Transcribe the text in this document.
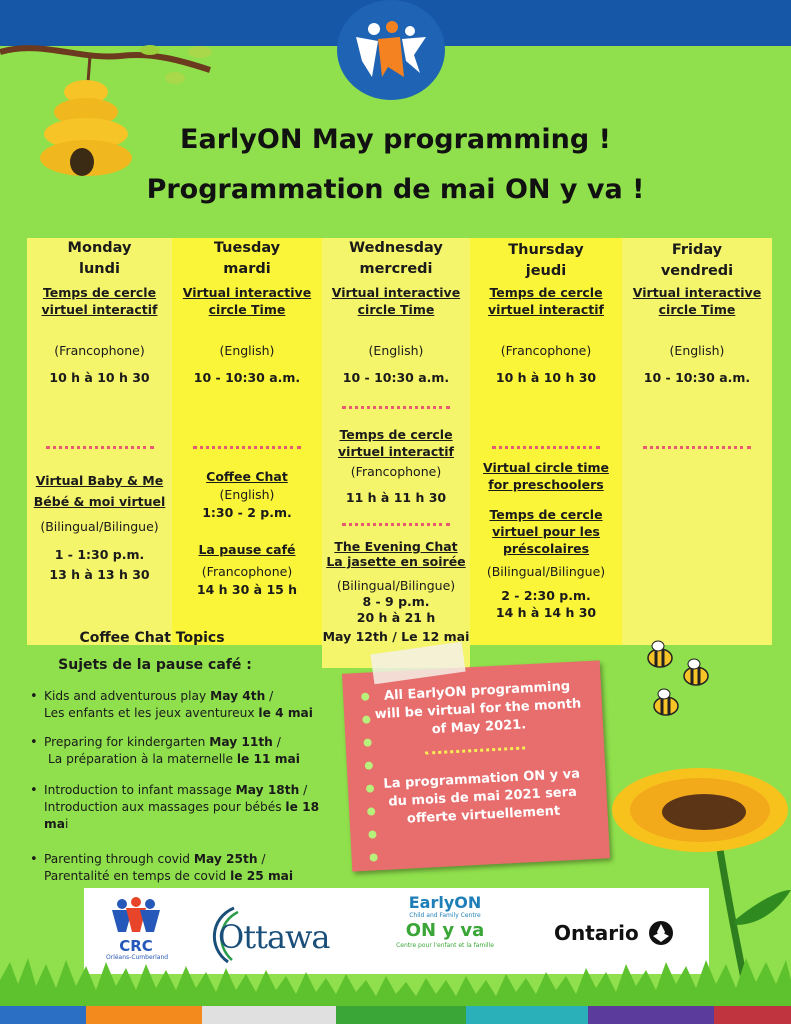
EarlyON May programming !
Programmation de mai ON y va !
Monday
lundi
Temps de cercle virtuel interactif
(Francophone)
10 h à 10 h 30
Virtual Baby & Me
Bébé & moi virtuel
(Bilingual/Bilingue)
1 - 1:30 p.m.
13 h à 13 h 30
Tuesday
mardi
Virtual interactive circle Time
(English)
10 - 10:30 a.m.
Coffee Chat
(English)
1:30 - 2 p.m.
La pause café
(Francophone)
14 h 30 à 15 h
Wednesday
mercredi
Virtual interactive circle Time
(English)
10 - 10:30 a.m.
Temps de cercle virtuel interactif
(Francophone)
11 h à 11 h 30
The Evening Chat
La jasette en soirée
(Bilingual/Bilingue)
8 - 9 p.m.
20 h à 21 h
May 12th / Le 12 mai
Thursday
jeudi
Temps de cercle virtuel interactif
(Francophone)
10 h à 10 h 30
Virtual circle time for preschoolers
Temps de cercle virtuel pour les préscolaires
(Bilingual/Bilingue)
2 - 2:30 p.m.
14 h à 14 h 30
Friday
vendredi
Virtual interactive circle Time
(English)
10 - 10:30 a.m.
Coffee Chat Topics
Sujets de la pause café :
• Kids and adventurous play May 4th /
Les enfants et les jeux aventureux le 4 mai
• Preparing for kindergarten May 11th /
La préparation à la maternelle le 11 mai
• Introduction to infant massage May 18th /
Introduction aux massages pour bébés le 18 mai
• Parenting through covid May 25th /
Parentalité en temps de covid le 25 mai
All EarlyON programming will be virtual for the month of May 2021.
La programmation ON y va du mois de mai 2021 sera offerte virtuellement
CRC
Orléans-Cumberland
Ottawa
EarlyON
Child and Family Centre
ON y va
Centre pour l'enfant et la famille
Ontario
